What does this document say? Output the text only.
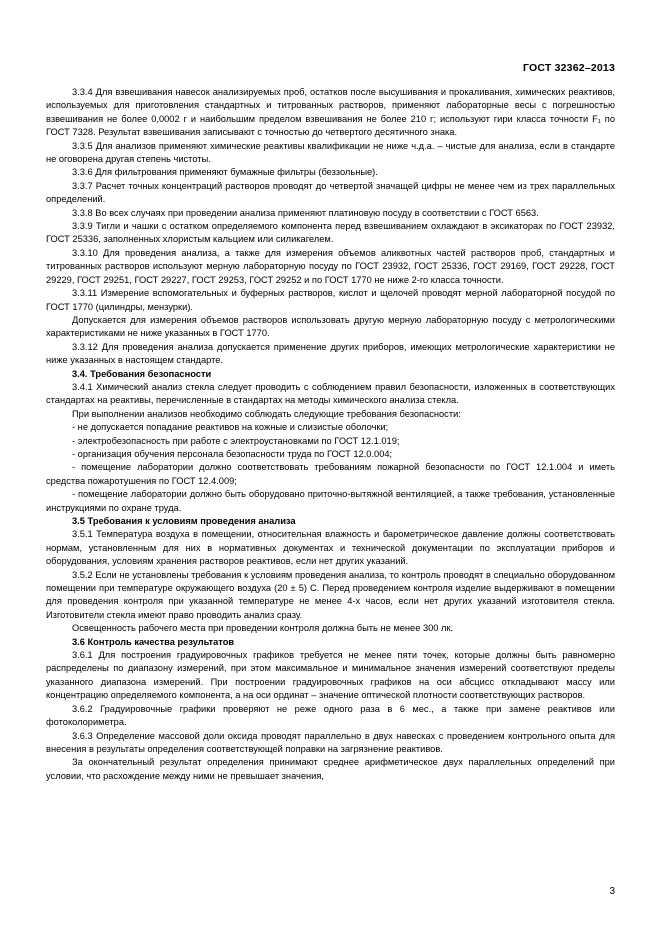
ГОСТ 32362–2013

3.3.4 Для взвешивания навесок анализируемых проб, остатков после высушивания и прокаливания, химических реактивов, используемых для приготовления стандартных и титрованных растворов, применяют лабораторные весы с погрешностью взвешивания не более 0,0002 г и наибольшим пределом взвешивания не более 210 г; используют гири класса точности F₁ по ГОСТ 7328. Результат взвешивания записывают с точностью до четвертого десятичного знака.

3.3.5 Для анализов применяют химические реактивы квалификации не ниже ч.д.а. – чистые для анализа, если в стандарте не оговорена другая степень чистоты.

3.3.6 Для фильтрования применяют бумажные фильтры (беззольные).

3.3.7 Расчет точных концентраций растворов проводят до четвертой значащей цифры не менее чем из трех параллельных определений.

3.3.8 Во всех случаях при проведении анализа применяют платиновую посуду в соответствии с ГОСТ 6563.

3.3.9 Тигли и чашки с остатком определяемого компонента перед взвешиванием охлаждают в эксикаторах по ГОСТ 23932, ГОСТ 25336, заполненных хлористым кальцием или силикагелем.

3.3.10 Для проведения анализа, а также для измерения объемов аликвотных частей растворов проб, стандартных и титрованных растворов используют мерную лабораторную посуду по ГОСТ 23932, ГОСТ 25336, ГОСТ 29169, ГОСТ 29228, ГОСТ 29229, ГОСТ 29251, ГОСТ 29227, ГОСТ 29253, ГОСТ 29252 и по ГОСТ 1770 не ниже 2-го класса точности.

3.3.11 Измерение вспомогательных и буферных растворов, кислот и щелочей проводят мерной лабораторной посудой по ГОСТ 1770 (цилиндры, мензурки).

Допускается для измерения объемов растворов использовать другую мерную лабораторную посуду с метрологическими характеристиками не ниже указанных в ГОСТ 1770.

3.3.12 Для проведения анализа допускается применение других приборов, имеющих метрологические характеристики не ниже указанных в настоящем стандарте.

3.4. Требования безопасности

3.4.1 Химический анализ стекла следует проводить с соблюдением правил безопасности, изложенных в соответствующих стандартах на реактивы, перечисленные в стандартах на методы химического анализа стекла.

При выполнении анализов необходимо соблюдать следующие требования безопасности:

- не допускается попадание реактивов на кожные и слизистые оболочки;

- электробезопасность при работе с электроустановками по ГОСТ 12.1.019;

- организация обучения персонала безопасности труда по ГОСТ 12.0.004;

- помещение лаборатории должно соответствовать требованиям пожарной безопасности по ГОСТ 12.1.004 и иметь средства пожаротушения по ГОСТ 12.4.009;

- помещение лаборатории должно быть оборудовано приточно-вытяжной вентиляцией, а также требования, установленные инструкциями по охране труда.

3.5 Требования к условиям проведения анализа

3.5.1 Температура воздуха в помещении, относительная влажность и барометрическое давление должны соответствовать нормам, установленным для них в нормативных документах и технической документации по эксплуатации приборов и оборудования, условиям хранения растворов реактивов, если нет других указаний.

3.5.2 Если не установлены требования к условиям проведения анализа, то контроль проводят в специально оборудованном помещении при температуре окружающего воздуха (20 ± 5) С. Перед проведением контроля изделие выдерживают в помещении для проведения контроля при указанной температуре не менее 4-х часов, если нет других указаний изготовителя стекла. Изготовители стекла имеют право проводить анализ сразу.

Освещенность рабочего места при проведении контроля должна быть не менее 300 лк.

3.6 Контроль качества результатов

3.6.1 Для построения градуировочных графиков требуется не менее пяти точек, которые должны быть равномерно распределены по диапазону измерений, при этом максимальное и минимальное значения измерений соответствуют пределы указанного диапазона измерений. При построении градуировочных графиков на оси абсцисс откладывают массу или концентрацию определяемого компонента, а на оси ординат – значение оптической плотности соответствующих растворов.

3.6.2 Градуировочные графики проверяют не реже одного раза в 6 мес., а также при замене реактивов или фотоколориметра.

3.6.3 Определение массовой доли оксида проводят параллельно в двух навесках с проведением контрольного опыта для внесения в результаты определения соответствующей поправки на загрязнение реактивов.

За окончательный результат определения принимают среднее арифметическое двух параллельных определений при условии, что расхождение между ними не превышает значения,

3
